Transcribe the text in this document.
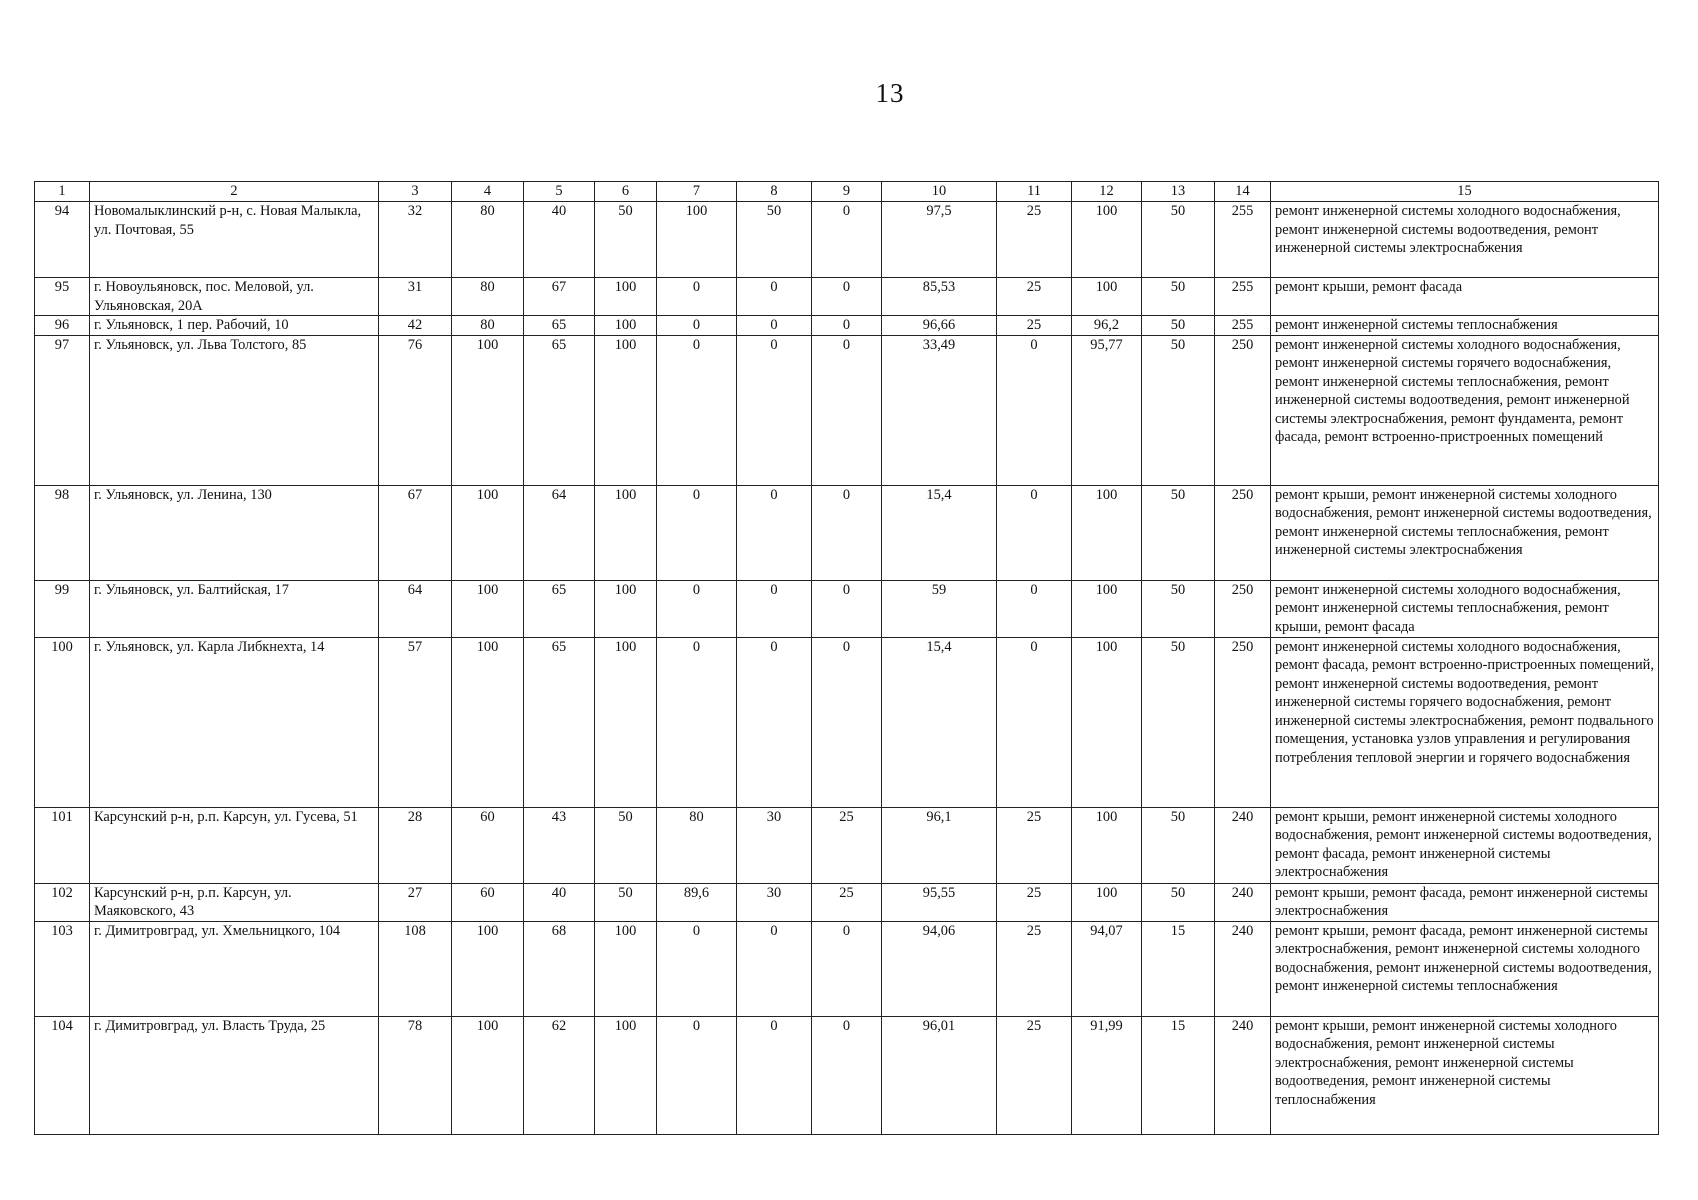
13
1	2	3	4	5	6	7	8	9	10	11	12	13	14	15
94	Новомалыклинский р-н, с. Новая Малыкла, ул. Почтовая, 55	32	80	40	50	100	50	0	97,5	25	100	50	255	ремонт инженерной системы холодного водоснабжения, ремонт инженерной системы водоотведения, ремонт инженерной системы электроснабжения
95	г. Новоульяновск, пос. Меловой, ул. Ульяновская, 20А	31	80	67	100	0	0	0	85,53	25	100	50	255	ремонт крыши, ремонт фасада
96	г. Ульяновск, 1 пер. Рабочий, 10	42	80	65	100	0	0	0	96,66	25	96,2	50	255	ремонт инженерной системы теплоснабжения
97	г. Ульяновск, ул. Льва Толстого, 85	76	100	65	100	0	0	0	33,49	0	95,77	50	250	ремонт инженерной системы холодного водоснабжения, ремонт инженерной системы горячего водоснабжения, ремонт инженерной системы теплоснабжения, ремонт инженерной системы водоотведения, ремонт инженерной системы электроснабжения, ремонт фундамента, ремонт фасада, ремонт встроенно-пристроенных помещений
98	г. Ульяновск, ул. Ленина, 130	67	100	64	100	0	0	0	15,4	0	100	50	250	ремонт крыши, ремонт инженерной системы холодного водоснабжения, ремонт инженерной системы водоотведения, ремонт инженерной системы теплоснабжения, ремонт инженерной системы электроснабжения
99	г. Ульяновск, ул. Балтийская, 17	64	100	65	100	0	0	0	59	0	100	50	250	ремонт инженерной системы холодного водоснабжения, ремонт инженерной системы теплоснабжения, ремонт крыши, ремонт фасада
100	г. Ульяновск, ул. Карла Либкнехта, 14	57	100	65	100	0	0	0	15,4	0	100	50	250	ремонт инженерной системы холодного водоснабжения, ремонт фасада, ремонт встроенно-пристроенных помещений, ремонт инженерной системы водоотведения, ремонт инженерной системы горячего водоснабжения, ремонт инженерной системы электроснабжения, ремонт подвального помещения, установка узлов управления и регулирования потребления тепловой энергии и горячего водоснабжения
101	Карсунский р-н, р.п. Карсун, ул. Гусева, 51	28	60	43	50	80	30	25	96,1	25	100	50	240	ремонт крыши, ремонт инженерной системы холодного водоснабжения, ремонт инженерной системы водоотведения, ремонт фасада, ремонт инженерной системы электроснабжения
102	Карсунский р-н, р.п. Карсун, ул. Маяковского, 43	27	60	40	50	89,6	30	25	95,55	25	100	50	240	ремонт крыши, ремонт фасада, ремонт инженерной системы электроснабжения
103	г. Димитровград, ул. Хмельницкого, 104	108	100	68	100	0	0	0	94,06	25	94,07	15	240	ремонт крыши, ремонт фасада, ремонт инженерной системы электроснабжения, ремонт инженерной системы холодного водоснабжения, ремонт инженерной системы водоотведения, ремонт инженерной системы теплоснабжения
104	г. Димитровград, ул. Власть Труда, 25	78	100	62	100	0	0	0	96,01	25	91,99	15	240	ремонт крыши, ремонт инженерной системы холодного водоснабжения, ремонт инженерной системы электроснабжения, ремонт инженерной системы водоотведения, ремонт инженерной системы теплоснабжения
